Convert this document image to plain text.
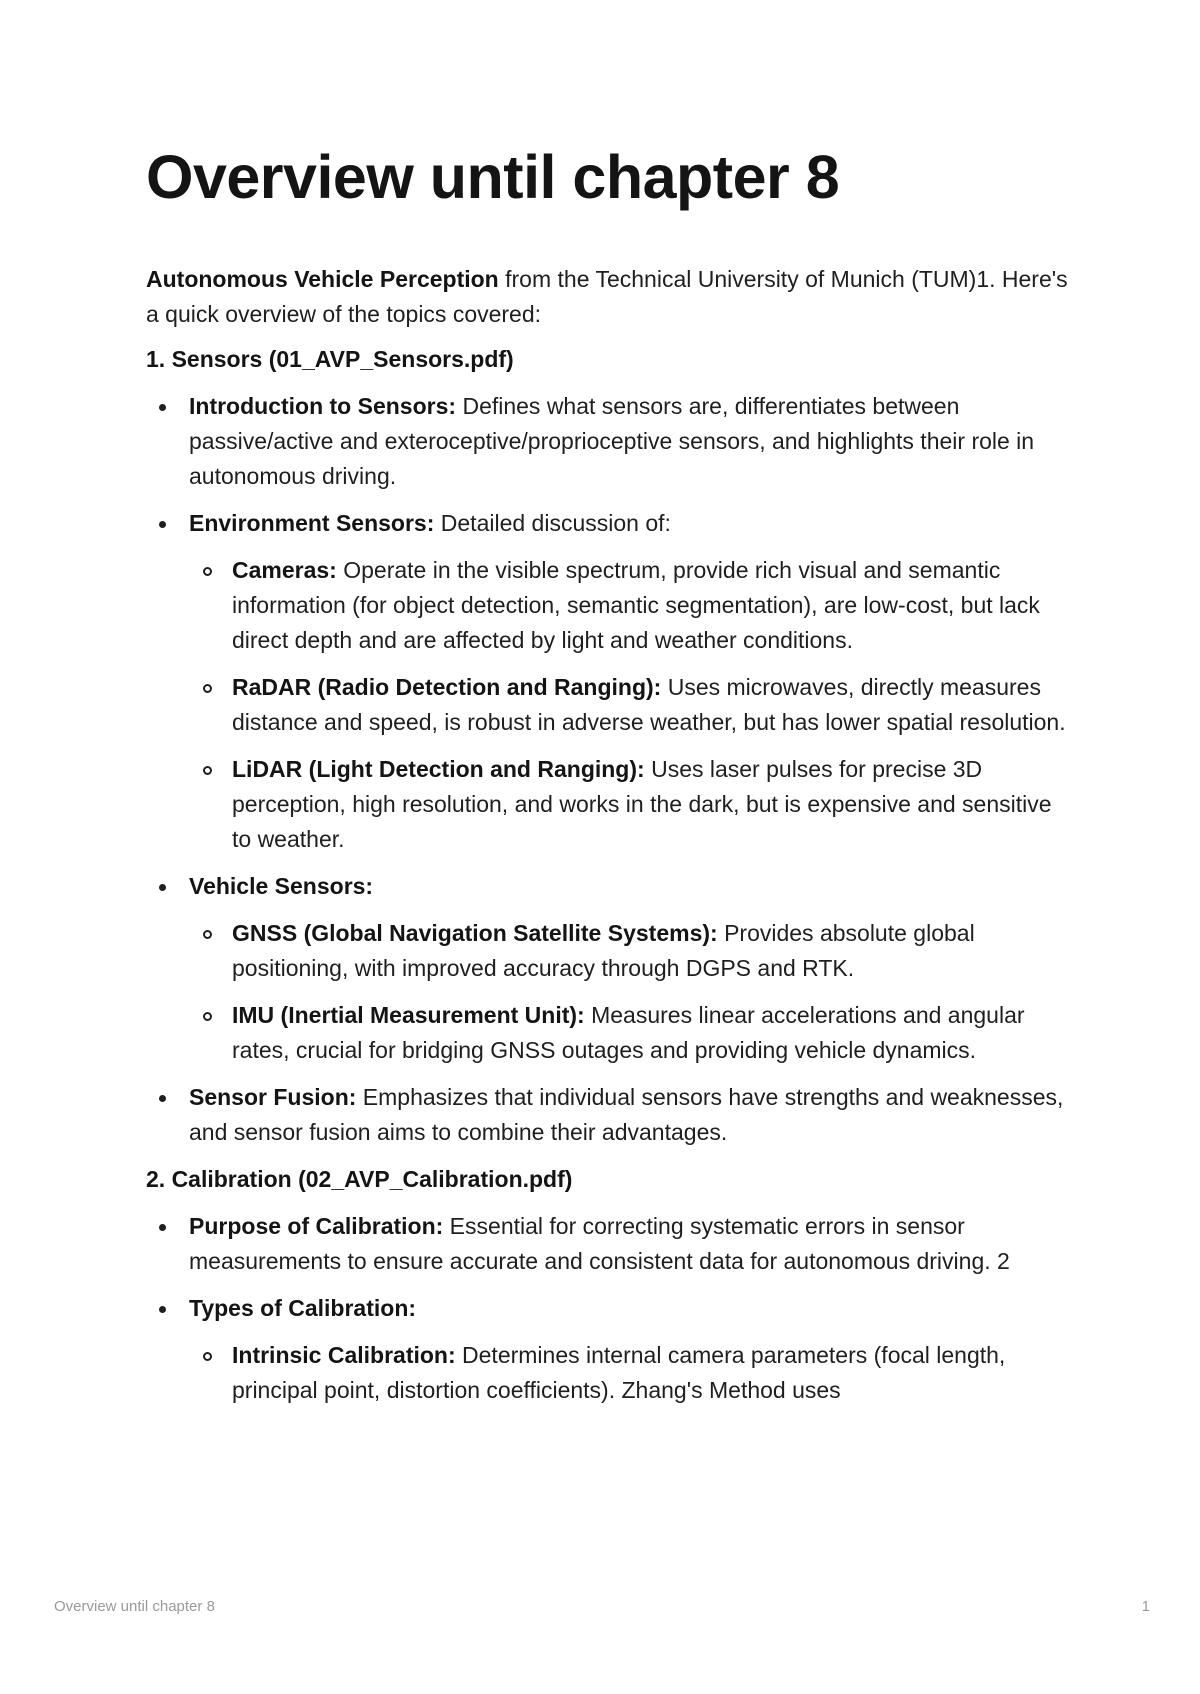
Overview until chapter 8

Autonomous Vehicle Perception from the Technical University of Munich (TUM)1. Here's a quick overview of the topics covered:

1. Sensors (01_AVP_Sensors.pdf)
Introduction to Sensors: Defines what sensors are, differentiates between passive/active and exteroceptive/proprioceptive sensors, and highlights their role in autonomous driving.
Environment Sensors: Detailed discussion of:
Cameras: Operate in the visible spectrum, provide rich visual and semantic information (for object detection, semantic segmentation), are low-cost, but lack direct depth and are affected by light and weather conditions.
RaDAR (Radio Detection and Ranging): Uses microwaves, directly measures distance and speed, is robust in adverse weather, but has lower spatial resolution.
LiDAR (Light Detection and Ranging): Uses laser pulses for precise 3D perception, high resolution, and works in the dark, but is expensive and sensitive to weather.
Vehicle Sensors:
GNSS (Global Navigation Satellite Systems): Provides absolute global positioning, with improved accuracy through DGPS and RTK.
IMU (Inertial Measurement Unit): Measures linear accelerations and angular rates, crucial for bridging GNSS outages and providing vehicle dynamics.
Sensor Fusion: Emphasizes that individual sensors have strengths and weaknesses, and sensor fusion aims to combine their advantages.
2. Calibration (02_AVP_Calibration.pdf)
Purpose of Calibration: Essential for correcting systematic errors in sensor measurements to ensure accurate and consistent data for autonomous driving. 2
Types of Calibration:
Intrinsic Calibration: Determines internal camera parameters (focal length, principal point, distortion coefficients). Zhang's Method uses
Overview until chapter 8	1
